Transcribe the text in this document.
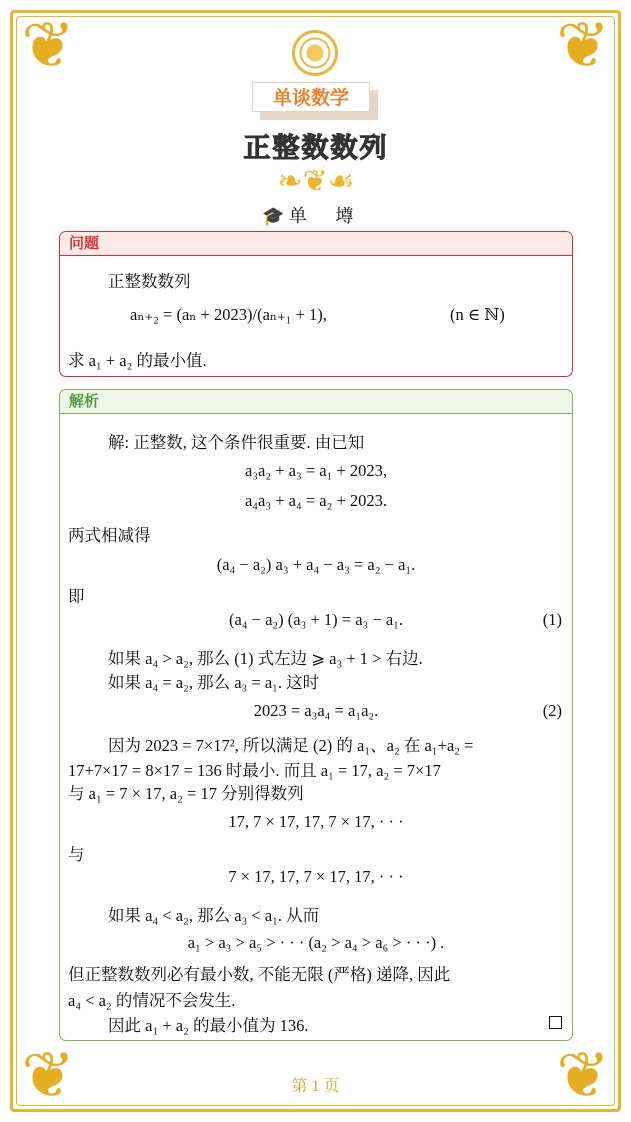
❦	❦
❦	❦
单谈数学
正整数数列
❧❦☙
🎓 单 墫
问题
正整数数列
aₙ₊₂ = (aₙ + 2023)/(aₙ₊₁ + 1),	(n ∈ ℕ)
求 a₁ + a₂ 的最小值.
解析
解: 正整数, 这个条件很重要. 由已知
a₃a₂ + a₃ = a₁ + 2023,
a₄a₃ + a₄ = a₂ + 2023.
两式相减得
(a₄ − a₂) a₃ + a₄ − a₃ = a₂ − a₁.
即
(a₄ − a₂) (a₃ + 1) = a₃ − a₁.	(1)
如果 a₄ > a₂, 那么 (1) 式左边 ⩾ a₃ + 1 > 右边.
如果 a₄ = a₂, 那么 a₃ = a₁. 这时
2023 = a₃a₄ = a₁a₂.	(2)
因为 2023 = 7×17², 所以满足 (2) 的 a₁、a₂ 在 a₁+a₂ =
17+7×17 = 8×17 = 136 时最小. 而且 a₁ = 17, a₂ = 7×17
与 a₁ = 7 × 17, a₂ = 17 分别得数列
17, 7 × 17, 17, 7 × 17, · · ·
与
7 × 17, 17, 7 × 17, 17, · · ·
如果 a₄ < a₂, 那么 a₃ < a₁. 从而
a₁ > a₃ > a₅ > · · · (a₂ > a₄ > a₆ > · · ·) .
但正整数数列必有最小数, 不能无限 (严格) 递降, 因此
a₄ < a₂ 的情况不会发生.
因此 a₁ + a₂ 的最小值为 136.
第 1 页
